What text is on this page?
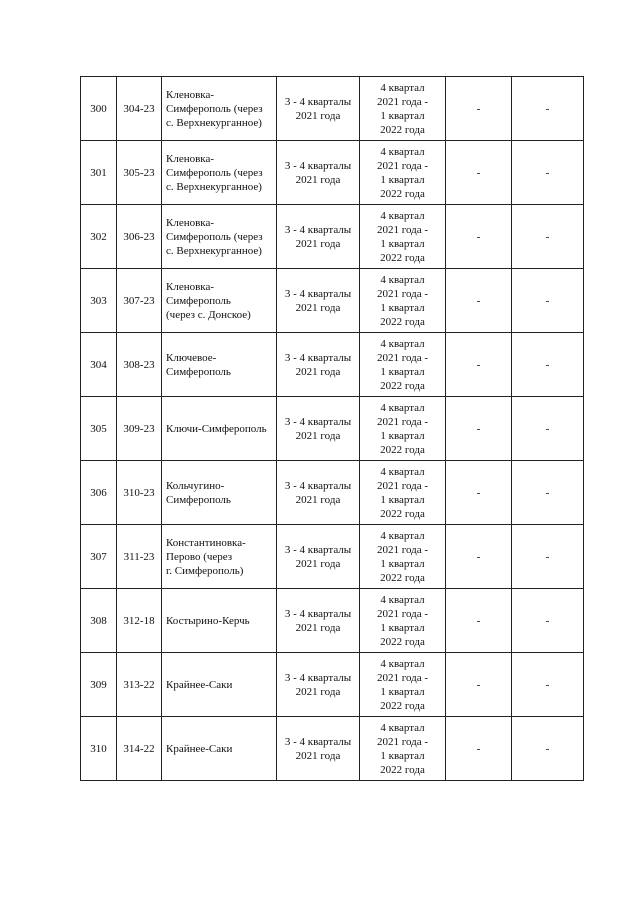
300	304-23	Кленовка-
Симферополь (через
с. Верхнекурганное)	3 - 4 кварталы
2021 года	4 квартал
2021 года -
1 квартал
2022 года	-	-
301	305-23	Кленовка-
Симферополь (через
с. Верхнекурганное)	3 - 4 кварталы
2021 года	4 квартал
2021 года -
1 квартал
2022 года	-	-
302	306-23	Кленовка-
Симферополь (через
с. Верхнекурганное)	3 - 4 кварталы
2021 года	4 квартал
2021 года -
1 квартал
2022 года	-	-
303	307-23	Кленовка-
Симферополь
(через с. Донское)	3 - 4 кварталы
2021 года	4 квартал
2021 года -
1 квартал
2022 года	-	-
304	308-23	Ключевое-
Симферополь	3 - 4 кварталы
2021 года	4 квартал
2021 года -
1 квартал
2022 года	-	-
305	309-23	Ключи-Симферополь	3 - 4 кварталы
2021 года	4 квартал
2021 года -
1 квартал
2022 года	-	-
306	310-23	Кольчугино-
Симферополь	3 - 4 кварталы
2021 года	4 квартал
2021 года -
1 квартал
2022 года	-	-
307	311-23	Константиновка-
Перово (через
г. Симферополь)	3 - 4 кварталы
2021 года	4 квартал
2021 года -
1 квартал
2022 года	-	-
308	312-18	Костырино-Керчь	3 - 4 кварталы
2021 года	4 квартал
2021 года -
1 квартал
2022 года	-	-
309	313-22	Крайнее-Саки	3 - 4 кварталы
2021 года	4 квартал
2021 года -
1 квартал
2022 года	-	-
310	314-22	Крайнее-Саки	3 - 4 кварталы
2021 года	4 квартал
2021 года -
1 квартал
2022 года	-	-
